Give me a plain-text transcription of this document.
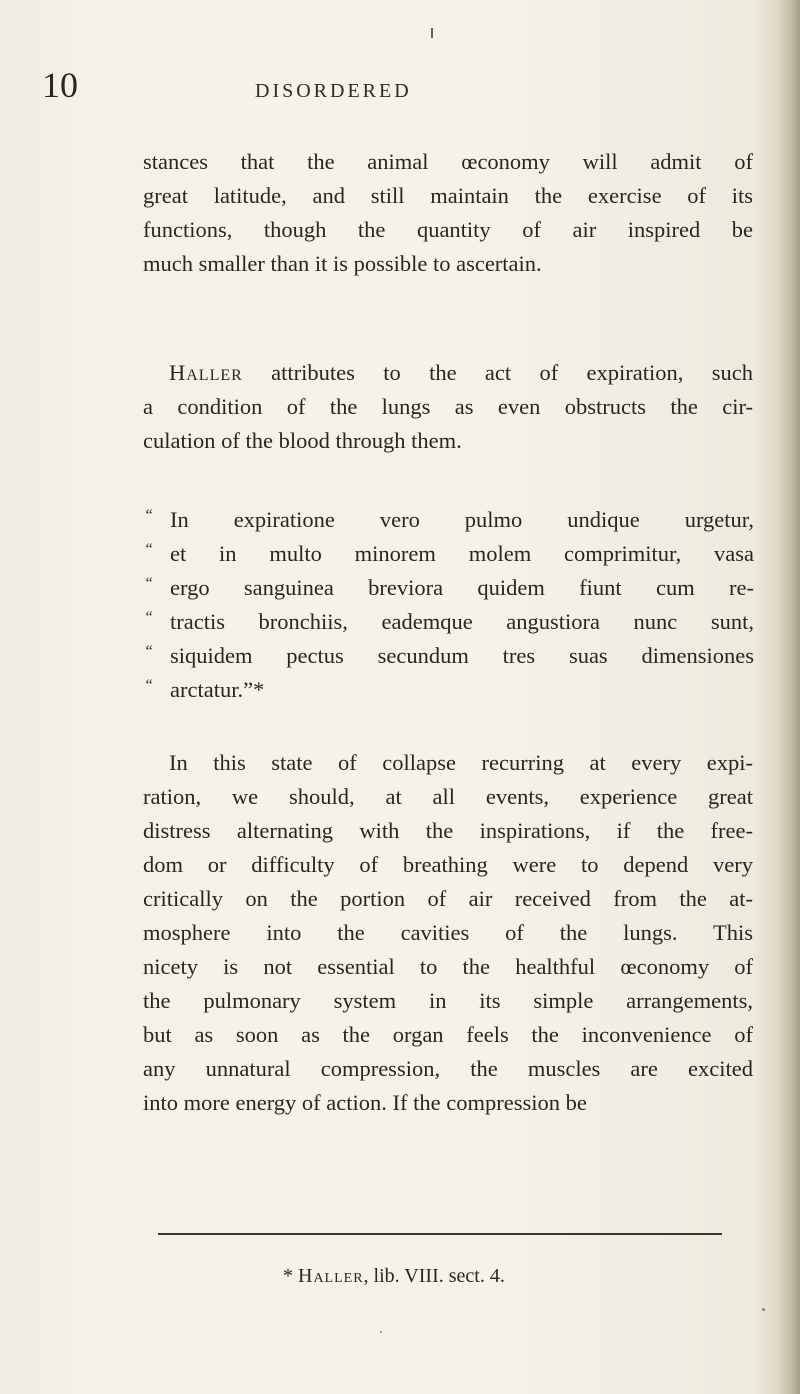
10	DISORDERED
stances that the animal œconomy will admit of
great latitude, and still maintain the exercise of its
functions, though the quantity of air inspired be
much smaller than it is possible to ascertain.
Haller attributes to the act of expiration, such
a condition of the lungs as even obstructs the cir-
culation of the blood through them.
“ In expiratione vero pulmo undique urgetur,
“ et in multo minorem molem comprimitur, vasa
“ ergo sanguinea breviora quidem fiunt cum re-
“ tractis bronchiis, eademque angustiora nunc sunt,
“ siquidem pectus secundum tres suas dimensiones
“ arctatur.”*
In this state of collapse recurring at every expi-
ration, we should, at all events, experience great
distress alternating with the inspirations, if the free-
dom or difficulty of breathing were to depend very
critically on the portion of air received from the at-
mosphere into the cavities of the lungs. This
nicety is not essential to the healthful œconomy of
the pulmonary system in its simple arrangements,
but as soon as the organ feels the inconvenience of
any unnatural compression, the muscles are excited
into more energy of action. If the compression be
* Haller, lib. VIII. sect. 4.
